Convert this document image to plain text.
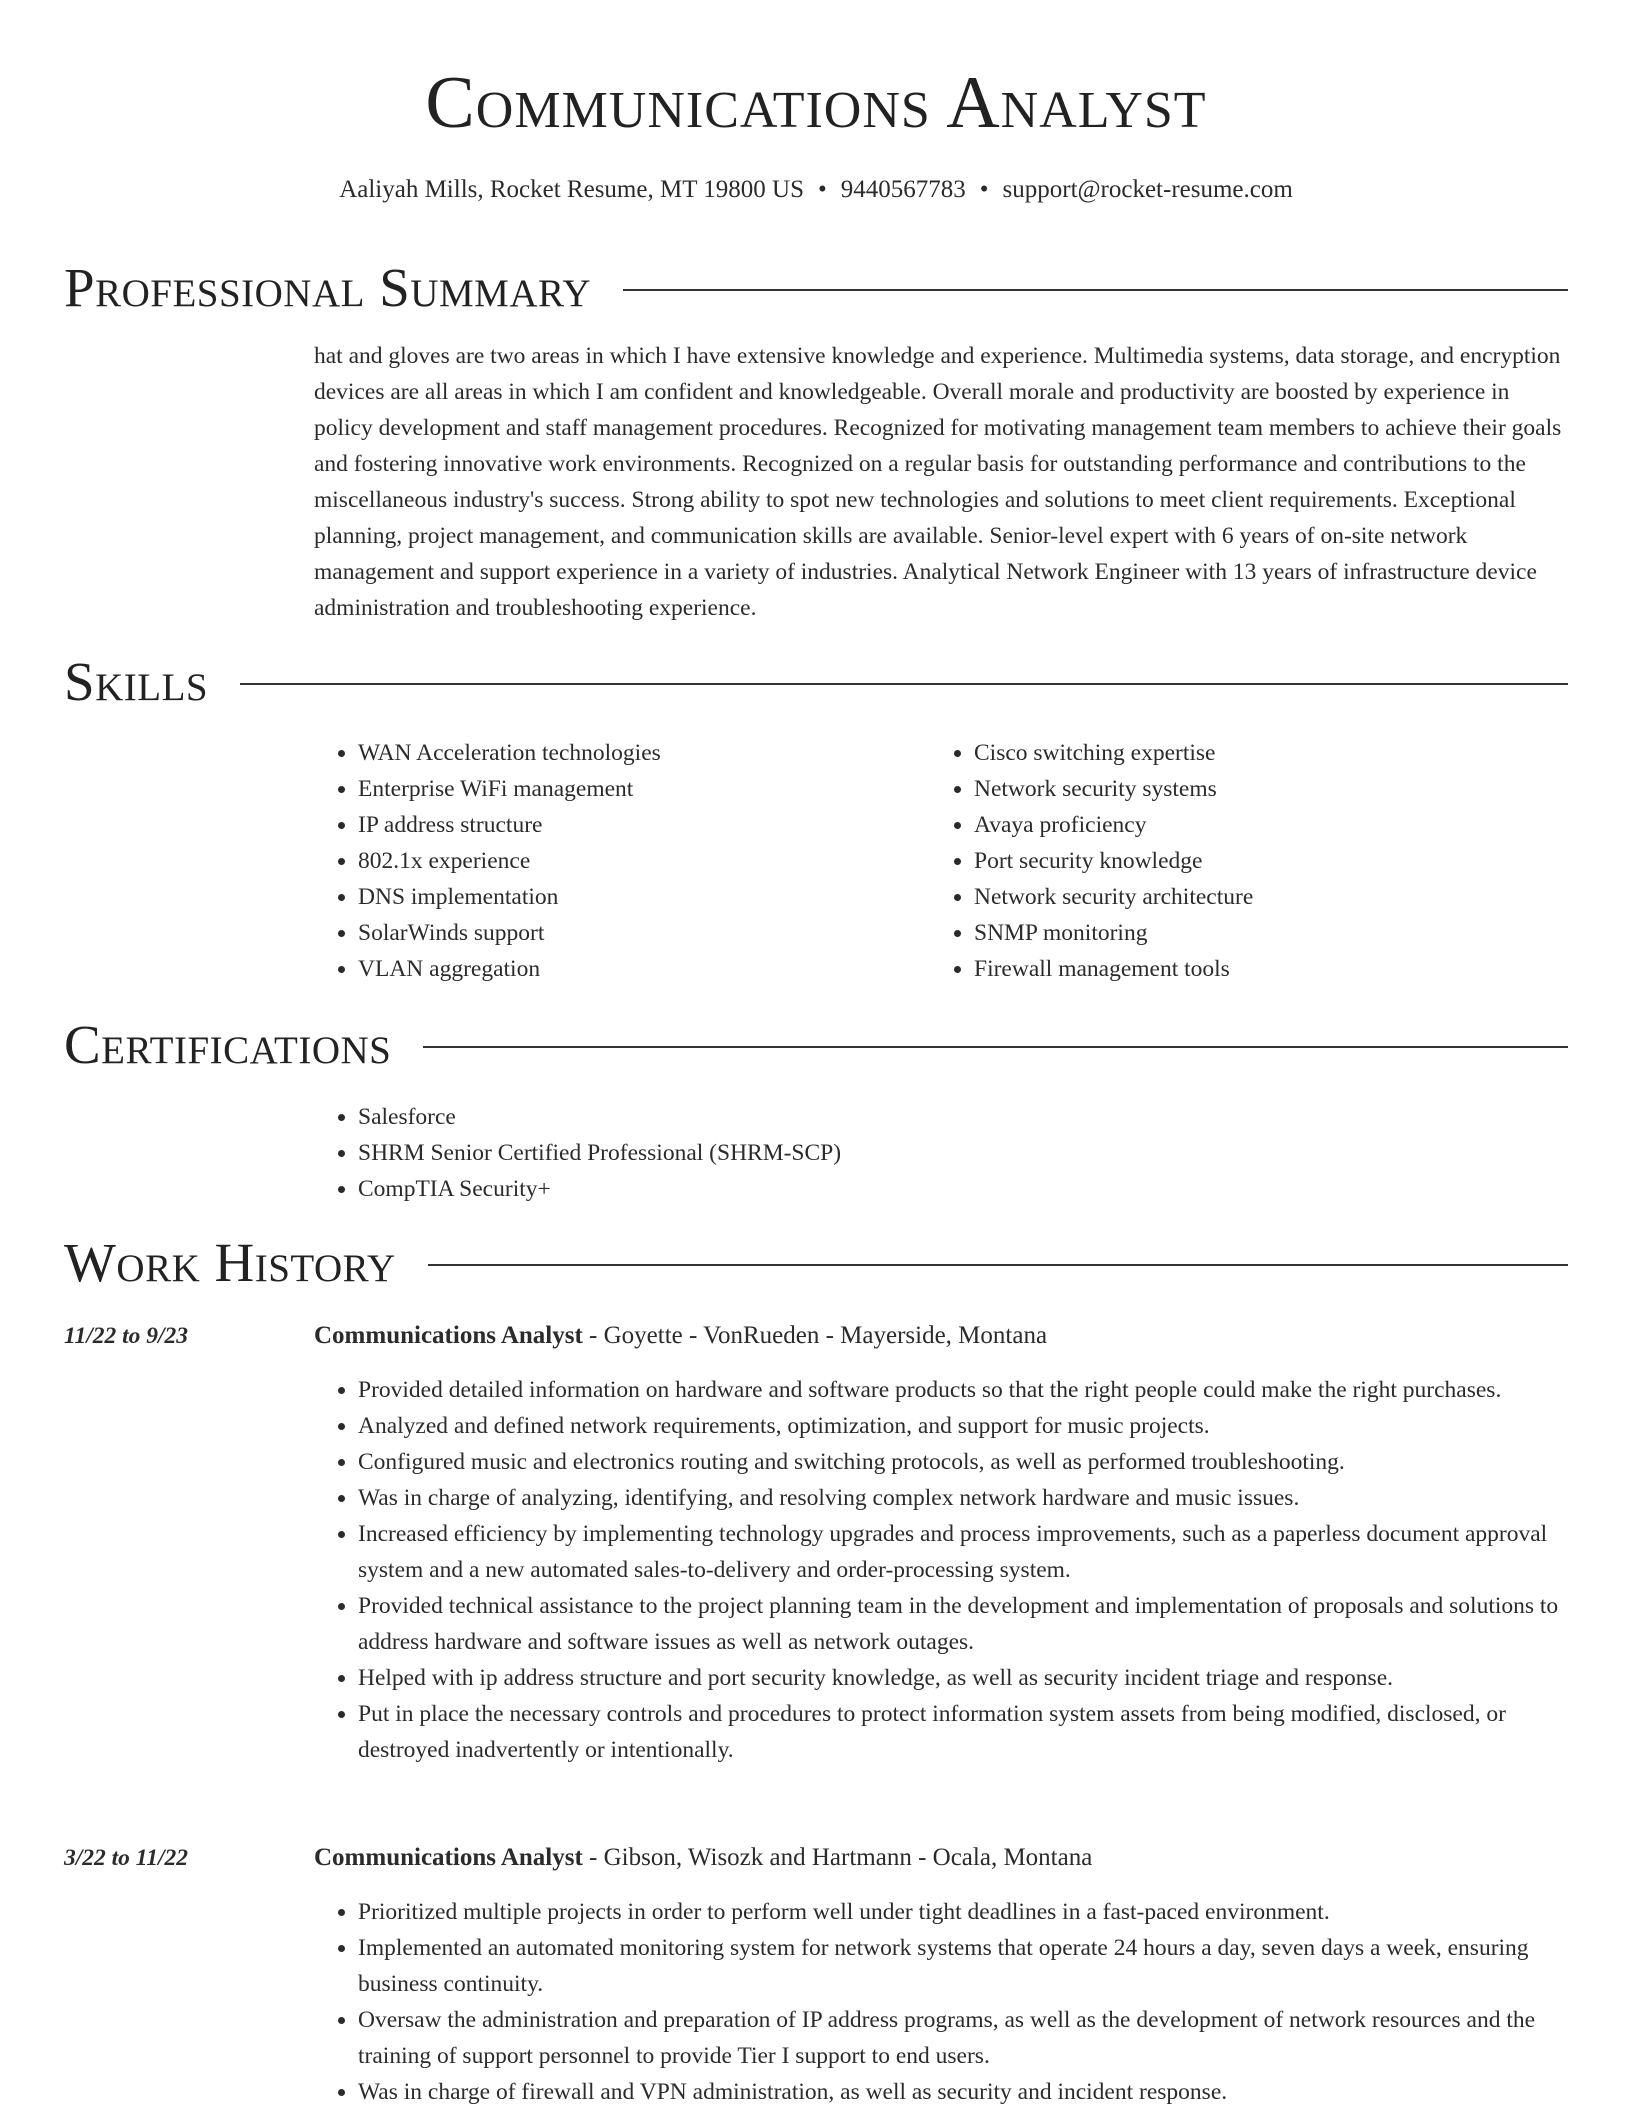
Communications Analyst
Aaliyah Mills, Rocket Resume, MT 19800 US • 9440567783 • support@rocket-resume.com
Professional Summary
hat and gloves are two areas in which I have extensive knowledge and experience. Multimedia systems, data storage, and encryption devices are all areas in which I am confident and knowledgeable. Overall morale and productivity are boosted by experience in policy development and staff management procedures. Recognized for motivating management team members to achieve their goals and fostering innovative work environments. Recognized on a regular basis for outstanding performance and contributions to the miscellaneous industry's success. Strong ability to spot new technologies and solutions to meet client requirements. Exceptional planning, project management, and communication skills are available. Senior-level expert with 6 years of on-site network management and support experience in a variety of industries. Analytical Network Engineer with 13 years of infrastructure device administration and troubleshooting experience.
Skills
• WAN Acceleration technologies
• Enterprise WiFi management
• IP address structure
• 802.1x experience
• DNS implementation
• SolarWinds support
• VLAN aggregation
• Cisco switching expertise
• Network security systems
• Avaya proficiency
• Port security knowledge
• Network security architecture
• SNMP monitoring
• Firewall management tools
Certifications
• Salesforce
• SHRM Senior Certified Professional (SHRM-SCP)
• CompTIA Security+
Work History
11/22 to 9/23	Communications Analyst - Goyette - VonRueden - Mayerside, Montana
• Provided detailed information on hardware and software products so that the right people could make the right purchases.
• Analyzed and defined network requirements, optimization, and support for music projects.
• Configured music and electronics routing and switching protocols, as well as performed troubleshooting.
• Was in charge of analyzing, identifying, and resolving complex network hardware and music issues.
• Increased efficiency by implementing technology upgrades and process improvements, such as a paperless document approval system and a new automated sales-to-delivery and order-processing system.
• Provided technical assistance to the project planning team in the development and implementation of proposals and solutions to address hardware and software issues as well as network outages.
• Helped with ip address structure and port security knowledge, as well as security incident triage and response.
• Put in place the necessary controls and procedures to protect information system assets from being modified, disclosed, or destroyed inadvertently or intentionally.
3/22 to 11/22	Communications Analyst - Gibson, Wisozk and Hartmann - Ocala, Montana
• Prioritized multiple projects in order to perform well under tight deadlines in a fast-paced environment.
• Implemented an automated monitoring system for network systems that operate 24 hours a day, seven days a week, ensuring business continuity.
• Oversaw the administration and preparation of IP address programs, as well as the development of network resources and the training of support personnel to provide Tier I support to end users.
• Was in charge of firewall and VPN administration, as well as security and incident response.
